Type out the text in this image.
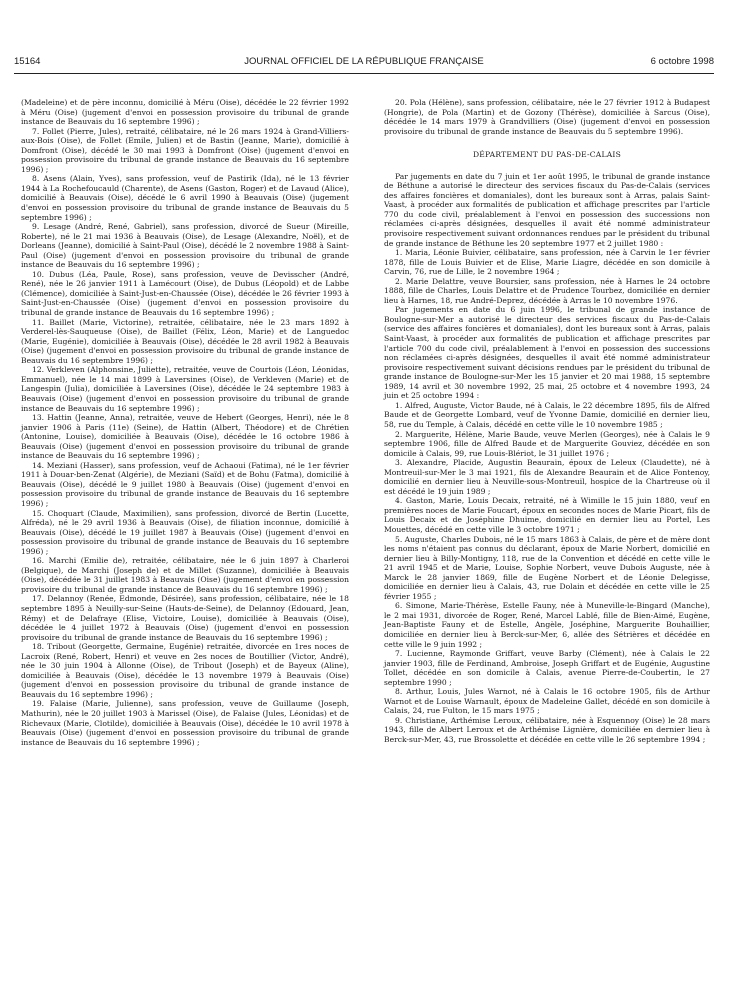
15164	JOURNAL OFFICIEL DE LA RÉPUBLIQUE FRANÇAISE	6 octobre 1998

(Madeleine) et de père inconnu, domicilié à Méru (Oise), décédée le 22 février 1992 à Méru (Oise) (jugement d'envoi en possession provisoire du tribunal de grande instance de Beauvais du 16 septembre 1996) ;

7. Follet (Pierre, Jules), retraité, célibataire, né le 26 mars 1924 à Grand-Villiers-aux-Bois (Oise), de Follet (Emile, Julien) et de Bastin (Jeanne, Marie), domicilié à Domfront (Oise), décédé le 30 mai 1993 à Domfront (Oise) (jugement d'envoi en possession provisoire du tribunal de grande instance de Beauvais du 16 septembre 1996) ;

8. Asens (Alain, Yves), sans profession, veuf de Pastirik (Ida), né le 13 février 1944 à La Rochefoucauld (Charente), de Asens (Gaston, Roger) et de Lavaud (Alice), domicilié à Beauvais (Oise), décédé le 6 avril 1990 à Beauvais (Oise) (jugement d'envoi en possession provisoire du tribunal de grande instance de Beauvais du 5 septembre 1996) ;

9. Lesage (André, René, Gabriel), sans profession, divorcé de Sueur (Mireille, Roberte), né le 21 mai 1936 à Beauvais (Oise), de Lesage (Alexandre, Noël), et de Dorleans (Jeanne), domicilié à Saint-Paul (Oise), décédé le 2 novembre 1988 à Saint-Paul (Oise) (jugement d'envoi en possession provisoire du tribunal de grande instance de Beauvais du 16 septembre 1996) ;

10. Dubus (Léa, Paule, Rose), sans profession, veuve de Devisscher (André, René), née le 26 janvier 1911 à Lamécourt (Oise), de Dubus (Léopold) et de Labbe (Clémence), domiciliée à Saint-Just-en-Chaussée (Oise), décédée le 26 février 1993 à Saint-Just-en-Chaussée (Oise) (jugement d'envoi en possession provisoire du tribunal de grande instance de Beauvais du 16 septembre 1996) ;

11. Baillet (Marie, Victorine), retraitée, célibataire, née le 23 mars 1892 à Verderel-lès-Sauqueuse (Oise), de Baillet (Félix, Léon, Marie) et de Languedoc (Marie, Eugénie), domiciliée à Beauvais (Oise), décédée le 28 avril 1982 à Beauvais (Oise) (jugement d'envoi en possession provisoire du tribunal de grande instance de Beauvais du 16 septembre 1996) ;

12. Verkleven (Alphonsine, Juliette), retraitée, veuve de Courtois (Léon, Léonidas, Emmanuel), née le 14 mai 1899 à Laversines (Oise), de Verkleven (Marie) et de Langespin (Julia), domiciliée à Laversines (Oise), décédée le 24 septembre 1983 à Beauvais (Oise) (jugement d'envoi en possession provisoire du tribunal de grande instance de Beauvais du 16 septembre 1996) ;

13. Hattin (Jeanne, Anna), retraitée, veuve de Hebert (Georges, Henri), née le 8 janvier 1906 à Paris (11e) (Seine), de Hattin (Albert, Théodore) et de Chrétien (Antonine, Louise), domiciliée à Beauvais (Oise), décédée le 16 octobre 1986 à Beauvais (Oise) (jugement d'envoi en possession provisoire du tribunal de grande instance de Beauvais du 16 septembre 1996) ;

14. Meziani (Hasser), sans profession, veuf de Achaoui (Fatima), né le 1er février 1911 à Douar-ben-Zenat (Algérie), de Meziani (Saïd) et de Bohu (Fatma), domicilié à Beauvais (Oise), décédé le 9 juillet 1980 à Beauvais (Oise) (jugement d'envoi en possession provisoire du tribunal de grande instance de Beauvais du 16 septembre 1996) ;

15. Choquart (Claude, Maximilien), sans profession, divorcé de Bertin (Lucette, Alfréda), né le 29 avril 1936 à Beauvais (Oise), de filiation inconnue, domicilié à Beauvais (Oise), décédé le 19 juillet 1987 à Beauvais (Oise) (jugement d'envoi en possession provisoire du tribunal de grande instance de Beauvais du 16 septembre 1996) ;

16. Marchi (Emilie de), retraitée, célibataire, née le 6 juin 1897 à Charleroi (Belgique), de Marchi (Joseph de) et de Millet (Suzanne), domiciliée à Beauvais (Oise), décédée le 31 juillet 1983 à Beauvais (Oise) (jugement d'envoi en possession provisoire du tribunal de grande instance de Beauvais du 16 septembre 1996) ;

17. Delannoy (Renée, Edmonde, Désirée), sans profession, célibataire, née le 18 septembre 1895 à Neuilly-sur-Seine (Hauts-de-Seine), de Delannoy (Edouard, Jean, Rémy) et de Delafraye (Elise, Victoire, Louise), domiciliée à Beauvais (Oise), décédée le 4 juillet 1972 à Beauvais (Oise) (jugement d'envoi en possession provisoire du tribunal de grande instance de Beauvais du 16 septembre 1996) ;

18. Tribout (Georgette, Germaine, Eugénie) retraitée, divorcée en 1res noces de Lacroix (René, Robert, Henri) et veuve en 2es noces de Boutillier (Victor, André), née le 30 juin 1904 à Allonne (Oise), de Tribout (Joseph) et de Bayeux (Aline), domiciliée à Beauvais (Oise), décédée le 13 novembre 1979 à Beauvais (Oise) (jugement d'envoi en possession provisoire du tribunal de grande instance de Beauvais du 16 septembre 1996) ;

19. Falaise (Marie, Julienne), sans profession, veuve de Guillaume (Joseph, Mathurin), née le 20 juillet 1903 à Marissel (Oise), de Falaise (Jules, Léonidas) et de Richevaux (Marie, Clotilde), domiciliée à Beauvais (Oise), décédée le 10 avril 1978 à Beauvais (Oise) (jugement d'envoi en possession provisoire du tribunal de grande instance de Beauvais du 16 septembre 1996) ;

20. Pola (Hélène), sans profession, célibataire, née le 27 février 1912 à Budapest (Hongrie), de Pola (Martin) et de Gozony (Thérèse), domiciliée à Sarcus (Oise), décédée le 14 mars 1979 à Grandvilliers (Oise) (jugement d'envoi en possession provisoire du tribunal de grande instance de Beauvais du 5 septembre 1996).

DÉPARTEMENT DU PAS-DE-CALAIS

Par jugements en date du 7 juin et 1er août 1995, le tribunal de grande instance de Béthune a autorisé le directeur des services fiscaux du Pas-de-Calais (services des affaires foncières et domaniales), dont les bureaux sont à Arras, palais Saint-Vaast, à procéder aux formalités de publication et affichage prescrites par l'article 770 du code civil, préalablement à l'envoi en possession des successions non réclamées ci-après désignées, desquelles il avait été nommé administrateur provisoire respectivement suivant ordonnances rendues par le président du tribunal de grande instance de Béthune les 20 septembre 1977 et 2 juillet 1980 :

1. Maria, Léonie Buivier, célibataire, sans profession, née à Carvin le 1er février 1878, fille de Louis Buivier et de Elise, Marie Liagre, décédée en son domicile à Carvin, 76, rue de Lille, le 2 novembre 1964 ;

2. Marie Delattre, veuve Boursier, sans profession, née à Harnes le 24 octobre 1888, fille de Charles, Louis Delattre et de Prudence Tourbez, domiciliée en dernier lieu à Harnes, 18, rue André-Deprez, décédée à Arras le 10 novembre 1976.

Par jugements en date du 6 juin 1996, le tribunal de grande instance de Boulogne-sur-Mer a autorisé le directeur des services fiscaux du Pas-de-Calais (service des affaires foncières et domaniales), dont les bureaux sont à Arras, palais Saint-Vaast, à procéder aux formalités de publication et affichage prescrites par l'article 700 du code civil, préalablement à l'envoi en possession des successions non réclamées ci-après désignées, desquelles il avait été nommé administrateur provisoire respectivement suivant décisions rendues par le président du tribunal de grande instance de Boulogne-sur-Mer les 15 janvier et 20 mai 1988, 15 septembre 1989, 14 avril et 30 novembre 1992, 25 mai, 25 octobre et 4 novembre 1993, 24 juin et 25 octobre 1994 :

1. Alfred, Auguste, Victor Baude, né à Calais, le 22 décembre 1895, fils de Alfred Baude et de Georgette Lombard, veuf de Yvonne Damie, domicilié en dernier lieu, 58, rue du Temple, à Calais, décédé en cette ville le 10 novembre 1985 ;

2. Marguerite, Hélène, Marie Baude, veuve Merlen (Georges), née à Calais le 9 septembre 1906, fille de Alfred Baude et de Marguerite Gouviez, décédée en son domicile à Calais, 99, rue Louis-Blériot, le 31 juillet 1976 ;

3. Alexandre, Placide, Augustin Beaurain, époux de Leleux (Claudette), né à Montreuil-sur-Mer le 3 mai 1921, fils de Alexandre Beaurain et de Alice Fontenoy, domicilié en dernier lieu à Neuville-sous-Montreuil, hospice de la Chartreuse où il est décédé le 19 juin 1989 ;

4. Gaston, Marie, Louis Decaix, retraité, né à Wimille le 15 juin 1880, veuf en premières noces de Marie Foucart, époux en secondes noces de Marie Picart, fils de Louis Decaix et de Joséphine Dhuime, domicilié en dernier lieu au Portel, Les Mouettes, décédé en cette ville le 3 octobre 1971 ;

5. Auguste, Charles Dubois, né le 15 mars 1863 à Calais, de père et de mère dont les noms n'étaient pas connus du déclarant, époux de Marie Norbert, domicilié en dernier lieu à Billy-Montigny, 118, rue de la Convention et décédé en cette ville le 21 avril 1945 et de Marie, Louise, Sophie Norbert, veuve Dubois Auguste, née à Marck le 28 janvier 1869, fille de Eugène Norbert et de Léonie Delegisse, domiciliée en dernier lieu à Calais, 43, rue Dolain et décédée en cette ville le 25 février 1955 ;

6. Simone, Marie-Thérèse, Estelle Fauny, née à Muneville-le-Bingard (Manche), le 2 mai 1931, divorcée de Roger, René, Marcel Lablé, fille de Bien-Aimé, Eugène, Jean-Baptiste Fauny et de Estelle, Angèle, Joséphine, Marguerite Bouhaillier, domiciliée en dernier lieu à Berck-sur-Mer, 6, allée des Sétrières et décédée en cette ville le 9 juin 1992 ;

7. Lucienne, Raymonde Griffart, veuve Barby (Clément), née à Calais le 22 janvier 1903, fille de Ferdinand, Ambroise, Joseph Griffart et de Eugénie, Augustine Tollet, décédée en son domicile à Calais, avenue Pierre-de-Coubertin, le 27 septembre 1990 ;

8. Arthur, Louis, Jules Warnot, né à Calais le 16 octobre 1905, fils de Arthur Warnot et de Louise Warnault, époux de Madeleine Gallet, décédé en son domicile à Calais, 24, rue Fulton, le 15 mars 1975 ;

9. Christiane, Arthémise Leroux, célibataire, née à Esquennoy (Oise) le 28 mars 1943, fille de Albert Leroux et de Arthémise Lignière, domiciliée en dernier lieu à Berck-sur-Mer, 43, rue Brossolette et décédée en cette ville le 26 septembre 1994 ;
